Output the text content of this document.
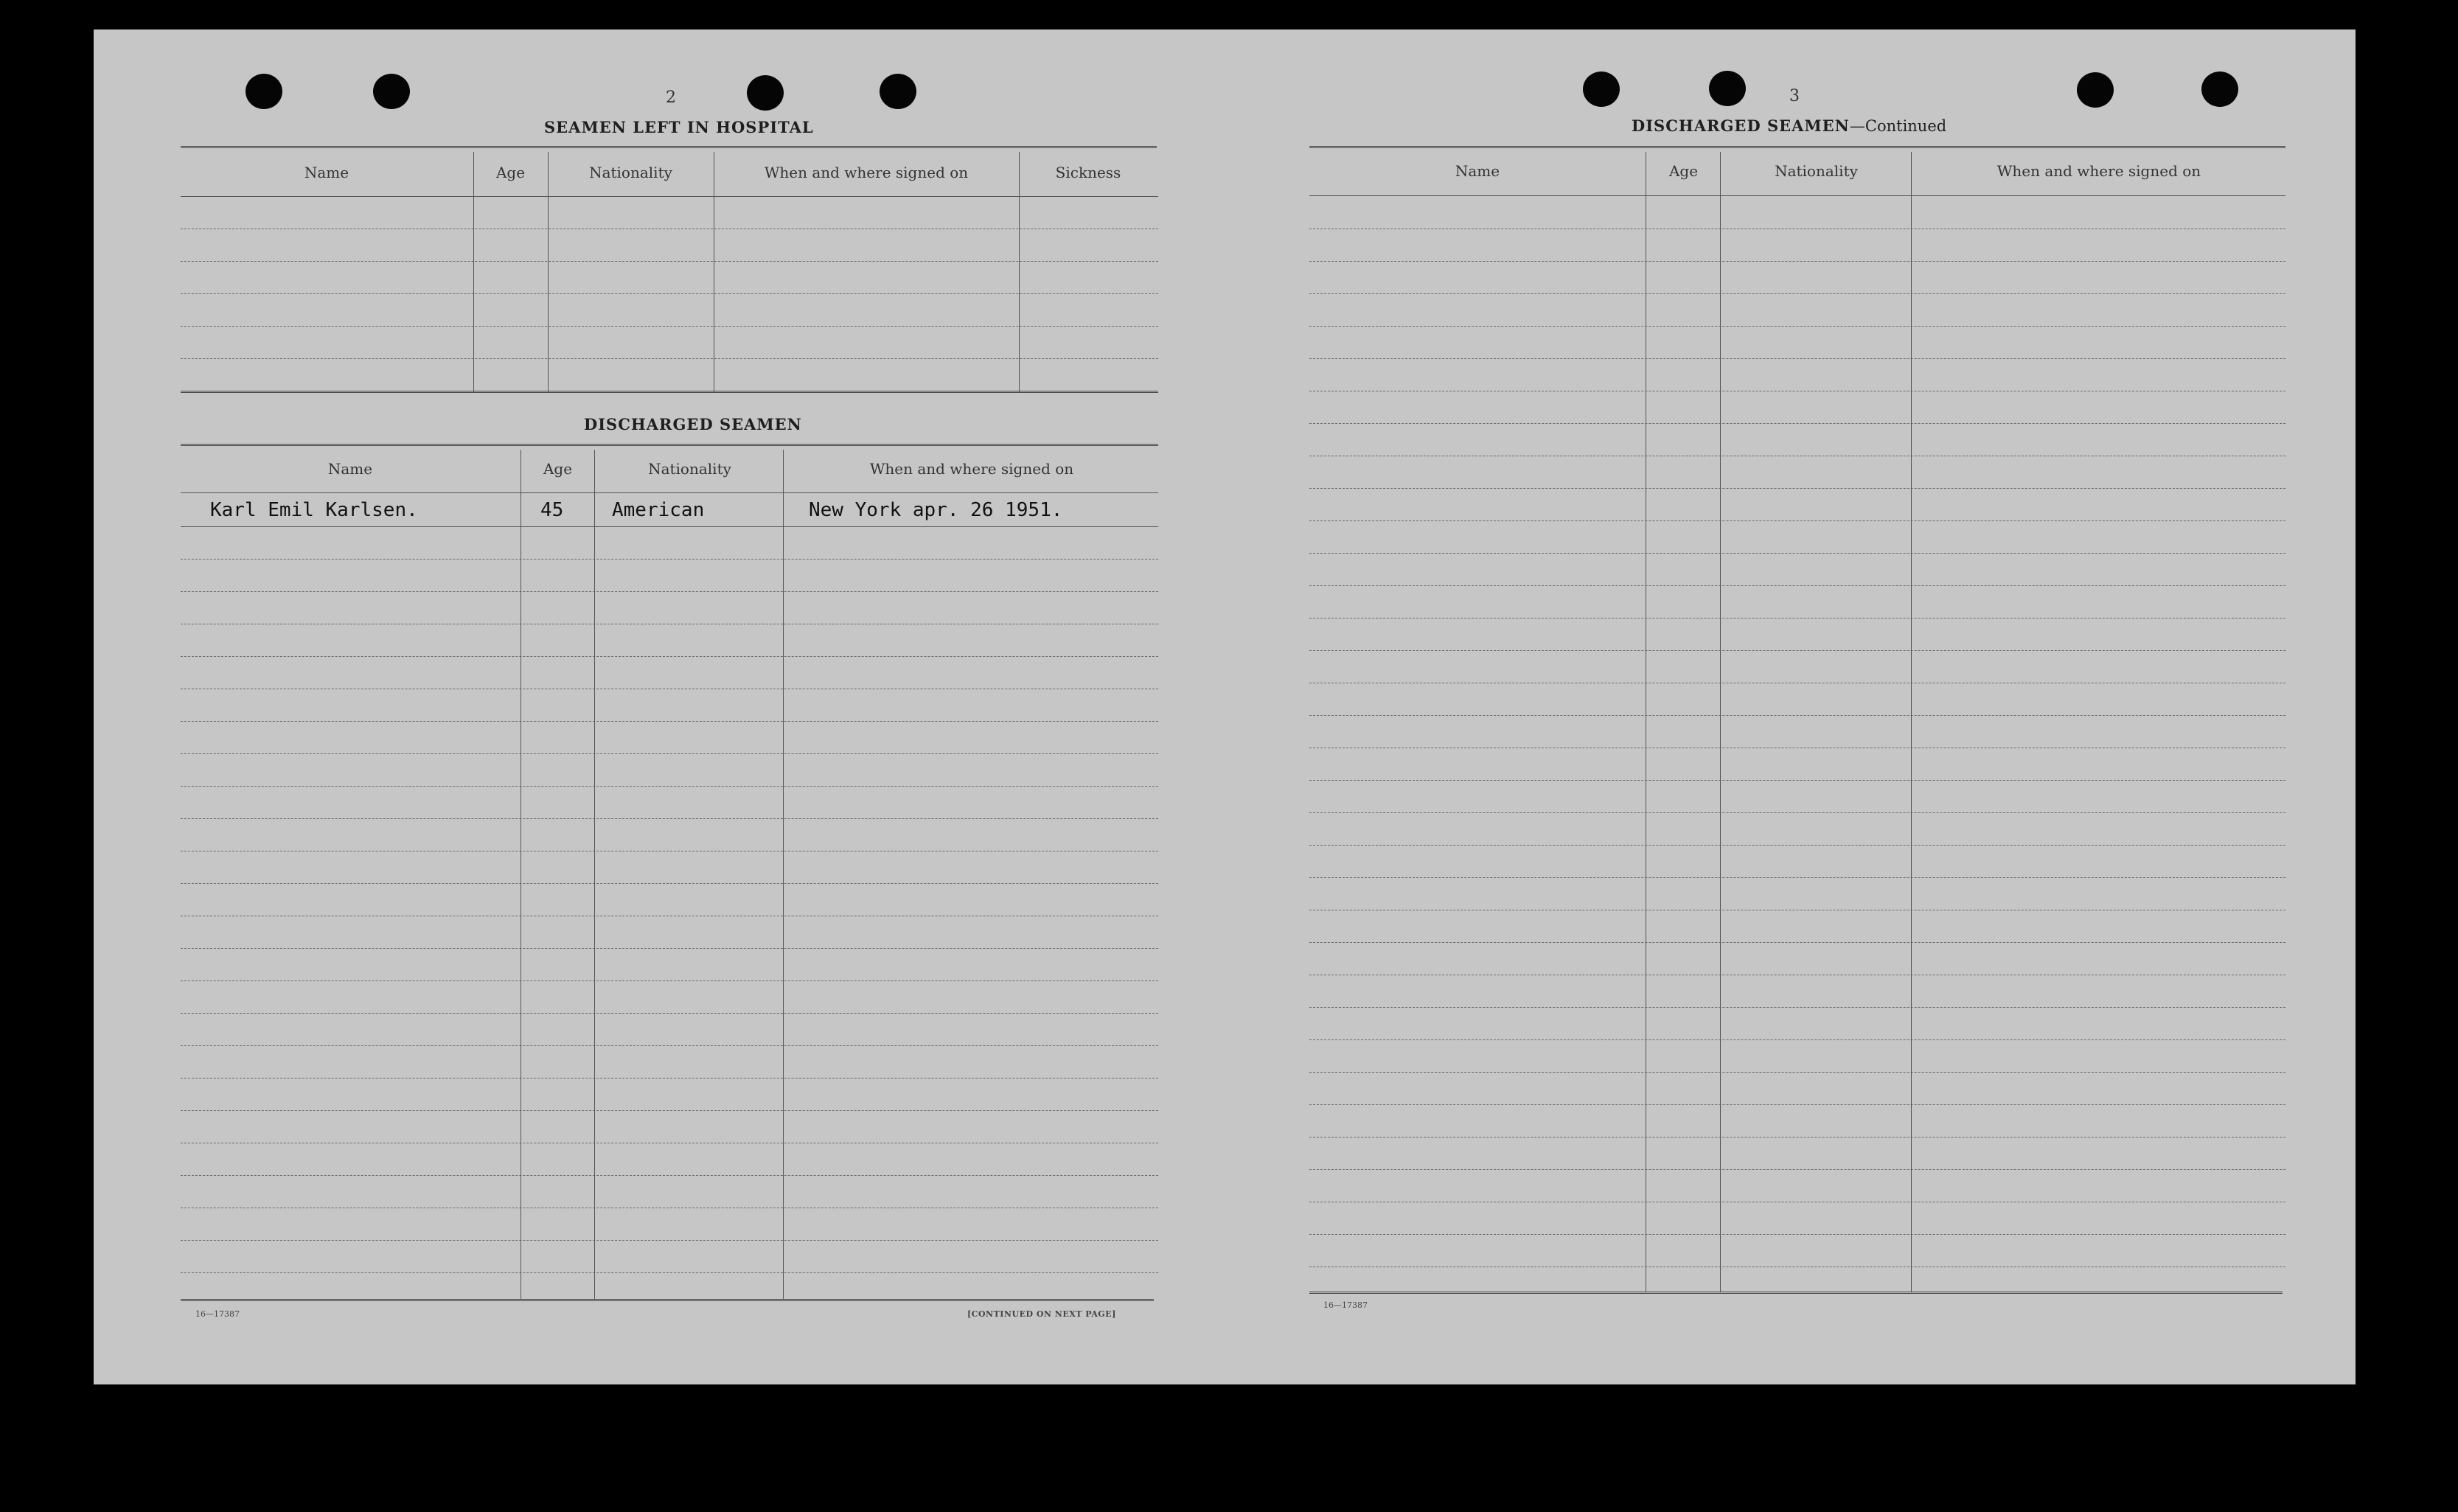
2
SEAMEN LEFT IN HOSPITAL
Name	Age	Nationality	When and where signed on	Sickness
DISCHARGED SEAMEN
Name	Age	Nationality	When and where signed on
Karl Emil Karlsen.	45	American	New York apr. 26 1951.
16—17387	[CONTINUED ON NEXT PAGE]
3
DISCHARGED SEAMEN—Continued
Name	Age	Nationality	When and where signed on
16—17387
